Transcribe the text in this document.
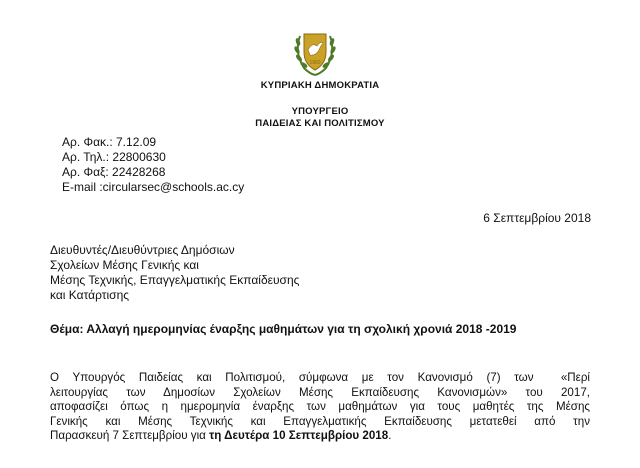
1960
ΚΥΠΡΙΑΚΗ ΔΗΜΟΚΡΑΤΙΑ
ΥΠΟΥΡΓΕΙΟ
ΠΑΙΔΕΙΑΣ ΚΑΙ ΠΟΛΙΤΙΣΜΟΥ
Αρ. Φακ.: 7.12.09
Αρ. Τηλ.: 22800630
Αρ. Φαξ: 22428268
E-mail :circularsec@schools.ac.cy
6 Σεπτεμβρίου 2018
Διευθυντές/Διευθύντριες Δημόσιων
Σχολείων Μέσης Γενικής και
Μέσης Τεχνικής, Επαγγελματικής Εκπαίδευσης
και Κατάρτισης
Θέμα: Αλλαγή ημερομηνίας έναρξης μαθημάτων για τη σχολική χρονιά 2018 -2019
Ο Υπουργός Παιδείας και Πολιτισμού, σύμφωνα με τον Κανονισμό (7) των  «Περί
λειτουργίας των Δημοσίων Σχολείων Μέσης Εκπαίδευσης Κανονισμών» του 2017,
αποφασίζει όπως η ημερομηνία έναρξης των μαθημάτων για τους μαθητές της Μέσης
Γενικής και Μέσης Τεχνικής και Επαγγελματικής Εκπαίδευσης μετατεθεί από την
Παρασκευή 7 Σεπτεμβρίου για τη Δευτέρα 10 Σεπτεμβρίου 2018 .
